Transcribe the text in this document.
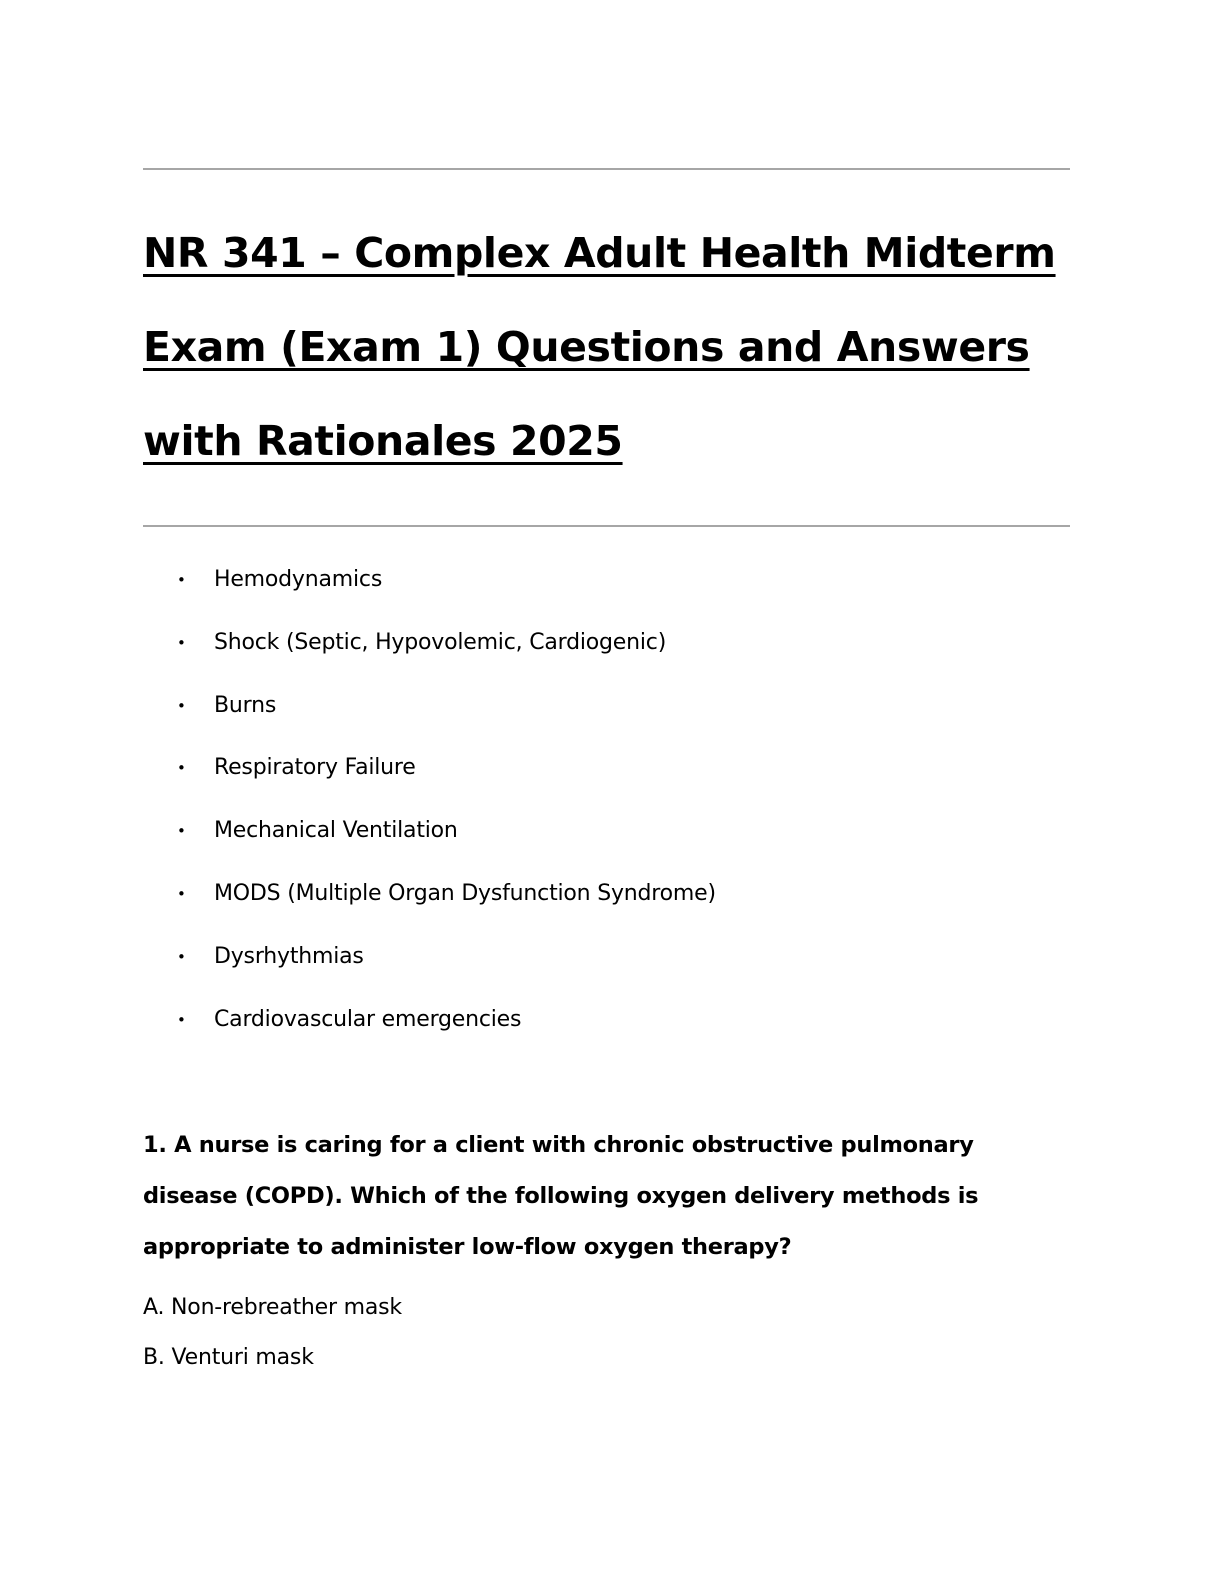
NR 341 – Complex Adult Health Midterm
Exam (Exam 1) Questions and Answers
with Rationales 2025
• Hemodynamics
• Shock (Septic, Hypovolemic, Cardiogenic)
• Burns
• Respiratory Failure
• Mechanical Ventilation
• MODS (Multiple Organ Dysfunction Syndrome)
• Dysrhythmias
• Cardiovascular emergencies

1. A nurse is caring for a client with chronic obstructive pulmonary disease (COPD). Which of the following oxygen delivery methods is appropriate to administer low-flow oxygen therapy?

A. Non-rebreather mask
B. Venturi mask
